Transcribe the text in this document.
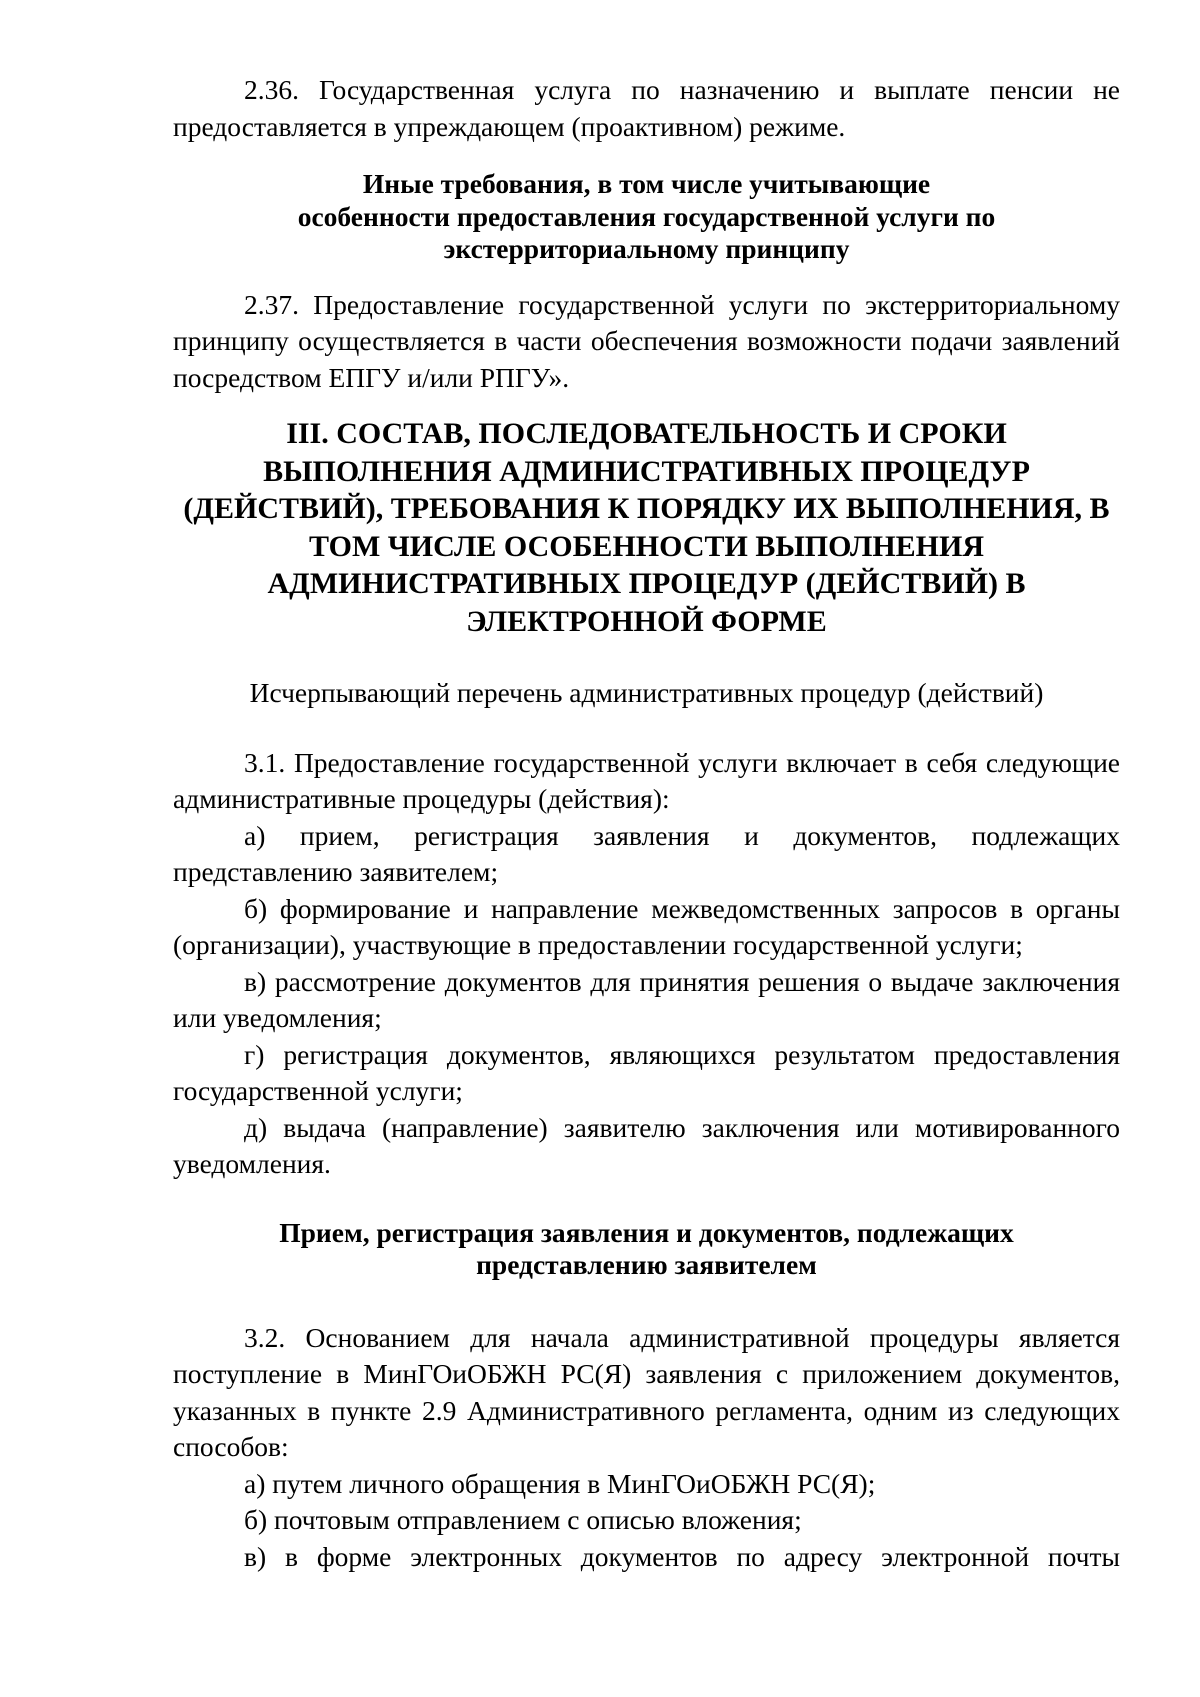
2.36. Государственная услуга по назначению и выплате пенсии не предоставляется в упреждающем (проактивном) режиме.

Иные требования, в том числе учитывающие
особенности предоставления государственной услуги по
экстерриториальному принципу

2.37. Предоставление государственной услуги по экстерриториальному принципу осуществляется в части обеспечения возможности подачи заявлений посредством ЕПГУ и/или РПГУ».

III. СОСТАВ, ПОСЛЕДОВАТЕЛЬНОСТЬ И СРОКИ ВЫПОЛНЕНИЯ АДМИНИСТРАТИВНЫХ ПРОЦЕДУР (ДЕЙСТВИЙ), ТРЕБОВАНИЯ К ПОРЯДКУ ИХ ВЫПОЛНЕНИЯ, В ТОМ ЧИСЛЕ ОСОБЕННОСТИ ВЫПОЛНЕНИЯ АДМИНИСТРАТИВНЫХ ПРОЦЕДУР (ДЕЙСТВИЙ) В ЭЛЕКТРОННОЙ ФОРМЕ
Исчерпывающий перечень административных процедур (действий)

3.1. Предоставление государственной услуги включает в себя следующие административные процедуры (действия):

а) прием, регистрация заявления и документов, подлежащих представлению заявителем;

б) формирование и направление межведомственных запросов в органы (организации), участвующие в предоставлении государственной услуги;

в) рассмотрение документов для принятия решения о выдаче заключения или уведомления;

г) регистрация документов, являющихся результатом предоставления государственной услуги;

д) выдача (направление) заявителю заключения или мотивированного уведомления.

Прием, регистрация заявления и документов, подлежащих
представлению заявителем

3.2. Основанием для начала административной процедуры является поступление в МинГОиОБЖН РС(Я) заявления с приложением документов, указанных в пункте 2.9 Административного регламента, одним из следующих способов:

а) путем личного обращения в МинГОиОБЖН РС(Я);

б) почтовым отправлением с описью вложения;

в) в форме электронных документов по адресу электронной почты
